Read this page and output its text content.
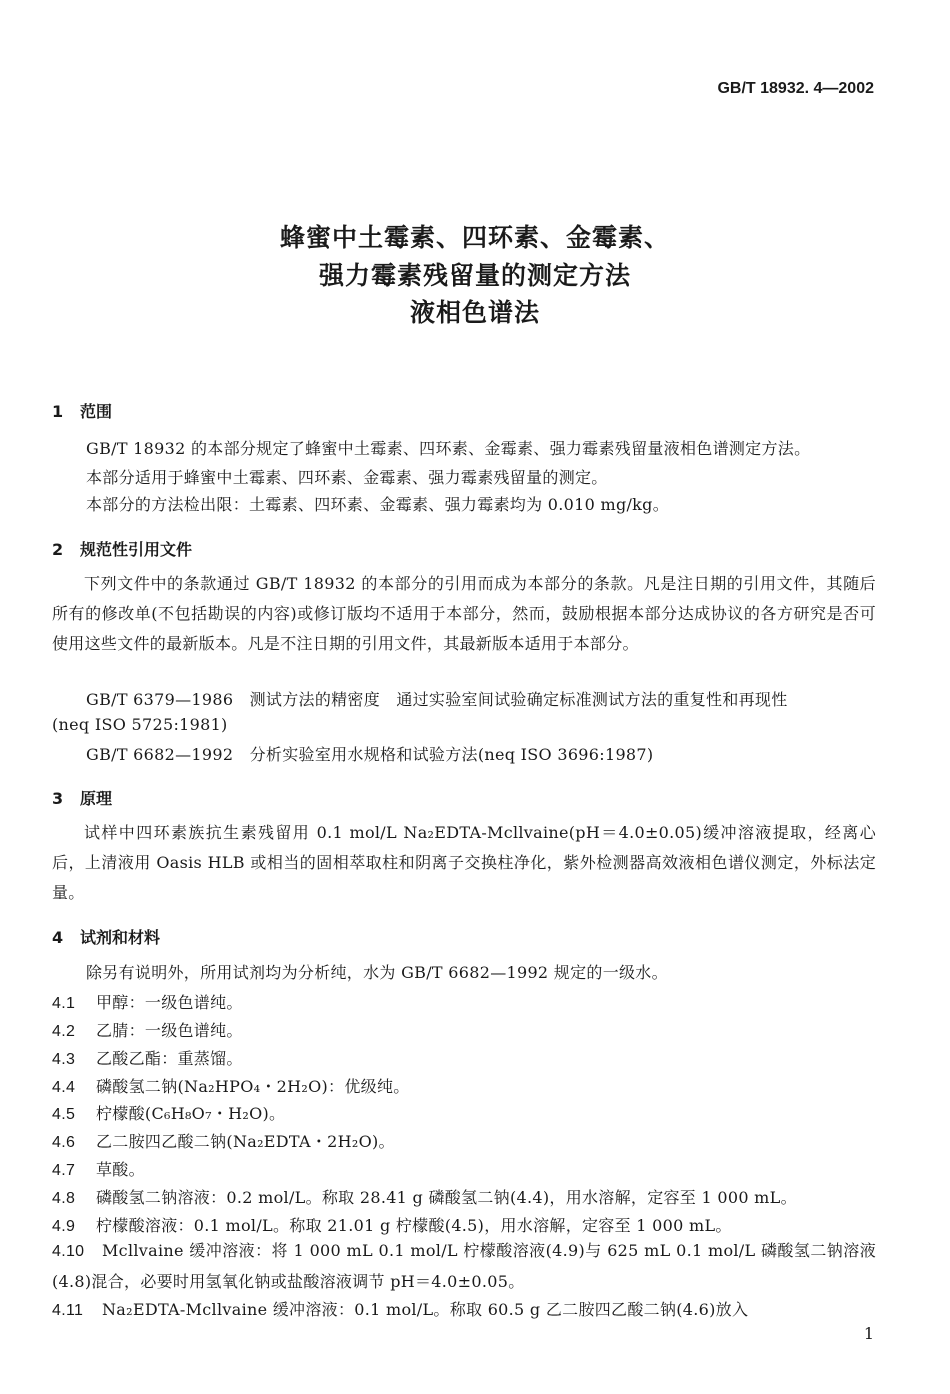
GB/T 18932. 4—2002
蜂蜜中土霉素、四环素、金霉素、
强力霉素残留量的测定方法
液相色谱法
1 范围
GB/T 18932 的本部分规定了蜂蜜中土霉素、四环素、金霉素、强力霉素残留量液相色谱测定方法。
本部分适用于蜂蜜中土霉素、四环素、金霉素、强力霉素残留量的测定。
本部分的方法检出限：土霉素、四环素、金霉素、强力霉素均为 0.010 mg/kg。
2 规范性引用文件
下列文件中的条款通过 GB/T 18932 的本部分的引用而成为本部分的条款。凡是注日期的引用文件，其随后所有的修改单(不包括勘误的内容)或修订版均不适用于本部分，然而，鼓励根据本部分达成协议的各方研究是否可使用这些文件的最新版本。凡是不注日期的引用文件，其最新版本适用于本部分。
GB/T 6379—1986　测试方法的精密度　通过实验室间试验确定标准测试方法的重复性和再现性
(neq ISO 5725:1981)
GB/T 6682—1992　分析实验室用水规格和试验方法(neq ISO 3696:1987)
3 原理
试样中四环素族抗生素残留用 0.1 mol/L Na₂EDTA-Mcllvaine(pH＝4.0±0.05)缓冲溶液提取，经离心后，上清液用 Oasis HLB 或相当的固相萃取柱和阴离子交换柱净化，紫外检测器高效液相色谱仪测定，外标法定量。
4 试剂和材料
除另有说明外，所用试剂均为分析纯，水为 GB/T 6682—1992 规定的一级水。
4.1 甲醇：一级色谱纯。
4.2 乙腈：一级色谱纯。
4.3 乙酸乙酯：重蒸馏。
4.4 磷酸氢二钠(Na₂HPO₄・2H₂O)：优级纯。
4.5 柠檬酸(C₆H₈O₇・H₂O)。
4.6 乙二胺四乙酸二钠(Na₂EDTA・2H₂O)。
4.7 草酸。
4.8 磷酸氢二钠溶液：0.2 mol/L。称取 28.41 g 磷酸氢二钠(4.4)，用水溶解，定容至 1 000 mL。
4.9 柠檬酸溶液：0.1 mol/L。称取 21.01 g 柠檬酸(4.5)，用水溶解，定容至 1 000 mL。
4.10 Mcllvaine 缓冲溶液：将 1 000 mL 0.1 mol/L 柠檬酸溶液(4.9)与 625 mL 0.1 mol/L 磷酸氢二钠溶液(4.8)混合，必要时用氢氧化钠或盐酸溶液调节 pH＝4.0±0.05。
4.11 Na₂EDTA-Mcllvaine 缓冲溶液：0.1 mol/L。称取 60.5 g 乙二胺四乙酸二钠(4.6)放入
1
